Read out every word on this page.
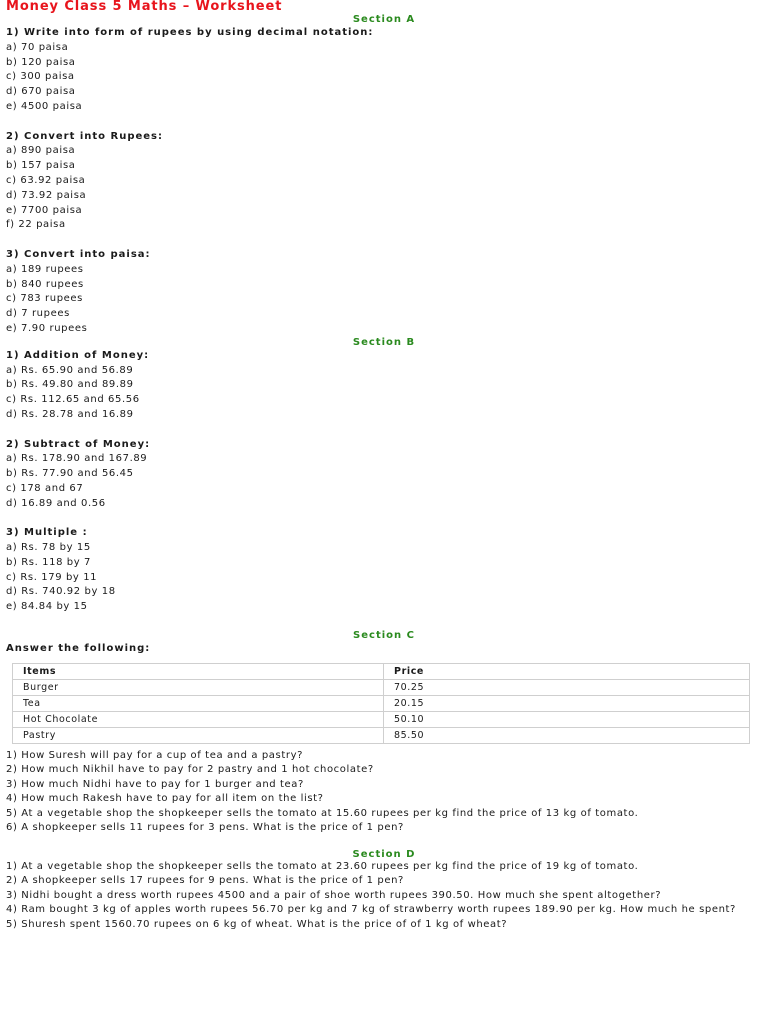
Money Class 5 Maths – Worksheet
Section A
1) Write into form of rupees by using decimal notation:
a) 70 paisa
b) 120 paisa
c) 300 paisa
d) 670 paisa
e) 4500 paisa
2) Convert into Rupees:
a) 890 paisa
b) 157 paisa
c) 63.92 paisa
d) 73.92 paisa
e) 7700 paisa
f) 22 paisa
3) Convert into paisa:
a) 189 rupees
b) 840 rupees
c) 783 rupees
d) 7 rupees
e) 7.90 rupees
Section B
1) Addition of Money:
a) Rs. 65.90 and 56.89
b) Rs. 49.80 and 89.89
c) Rs. 112.65 and 65.56
d) Rs. 28.78 and 16.89
2) Subtract of Money:
a) Rs. 178.90 and 167.89
b) Rs. 77.90 and 56.45
c) 178 and 67
d) 16.89 and 0.56
3) Multiple :
a) Rs. 78 by 15
b) Rs. 118 by 7
c) Rs. 179 by 11
d) Rs. 740.92 by 18
e) 84.84 by 15
Section C
Answer the following:
Items	Price
Burger	70.25
Tea	20.15
Hot Chocolate	50.10
Pastry	85.50

1) How Suresh will pay for a cup of tea and a pastry?

2) How much Nikhil have to pay for 2 pastry and 1 hot chocolate?

3) How much Nidhi have to pay for 1 burger and tea?

4) How much Rakesh have to pay for all item on the list?

5) At a vegetable shop the shopkeeper sells the tomato at 15.60 rupees per kg find the price of 13 kg of tomato.

6) A shopkeeper sells 11 rupees for 3 pens. What is the price of 1 pen?

Section D

1) At a vegetable shop the shopkeeper sells the tomato at 23.60 rupees per kg find the price of 19 kg of tomato.

2) A shopkeeper sells 17 rupees for 9 pens. What is the price of 1 pen?

3) Nidhi bought a dress worth rupees 4500 and a pair of shoe worth rupees 390.50. How much she spent altogether?

4) Ram bought 3 kg of apples worth rupees 56.70 per kg and 7 kg of strawberry worth rupees 189.90 per kg. How much he spent?

5) Shuresh spent 1560.70 rupees on 6 kg of wheat. What is the price of of 1 kg of wheat?
